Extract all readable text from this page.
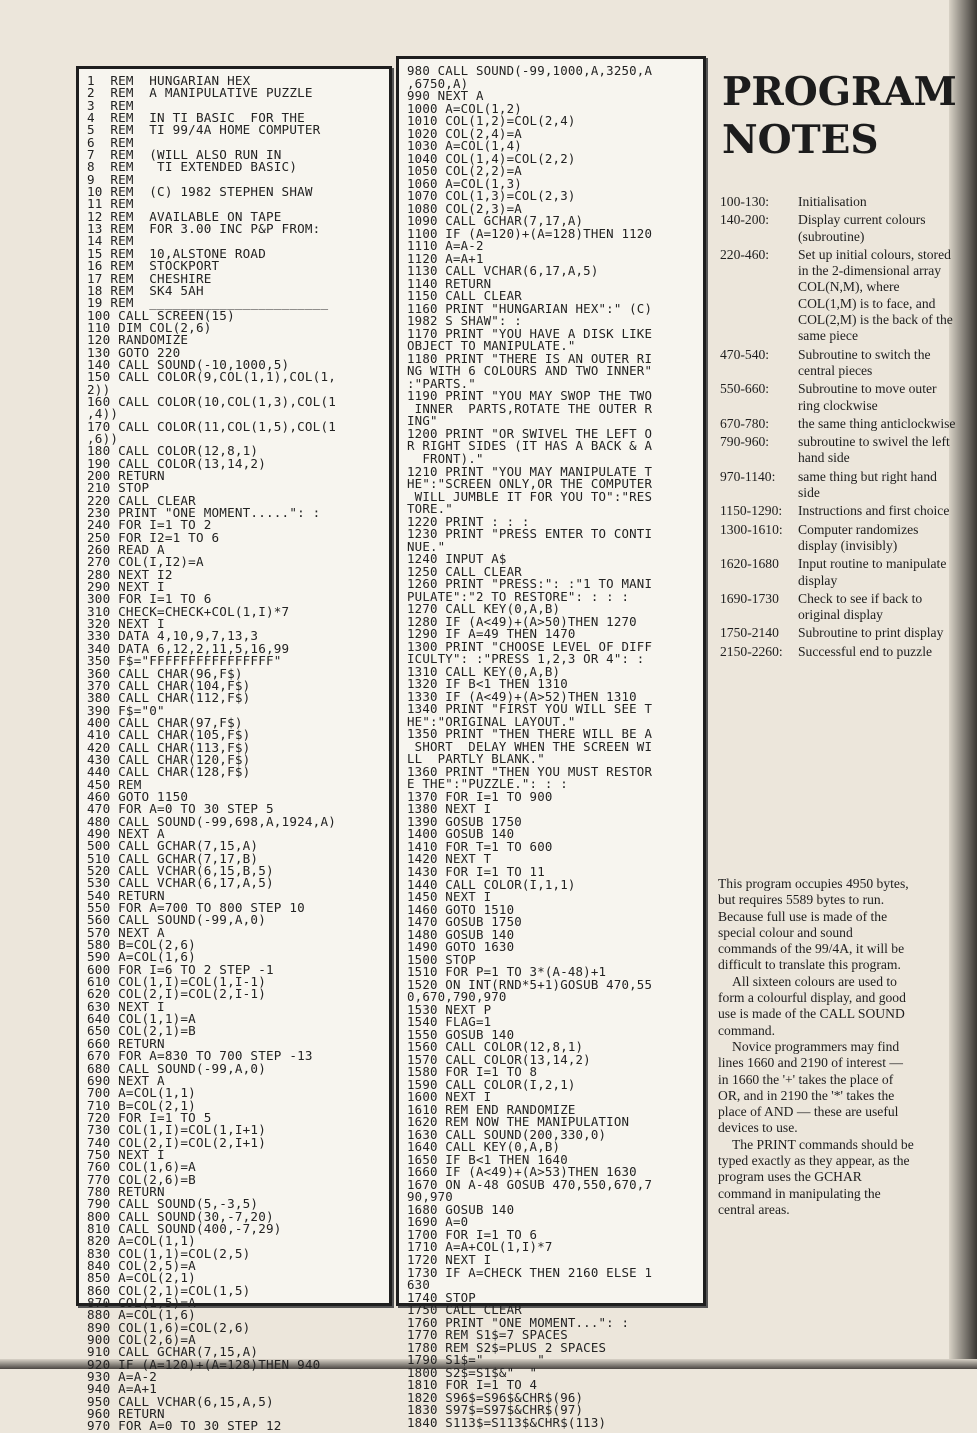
1  REM  HUNGARIAN HEX
2  REM  A MANIPULATIVE PUZZLE
3  REM
4  REM  IN TI BASIC  FOR THE
5  REM  TI 99/4A HOME COMPUTER
6  REM
7  REM  (WILL ALSO RUN IN
8  REM   TI EXTENDED BASIC)
9  REM
10 REM  (C) 1982 STEPHEN SHAW
11 REM
12 REM  AVAILABLE ON TAPE
13 REM  FOR 3.00 INC P&P FROM:
14 REM
15 REM  10,ALSTONE ROAD
16 REM  STOCKPORT
17 REM  CHESHIRE
18 REM  SK4 5AH
19 REM  _______________________
100 CALL SCREEN(15)
110 DIM COL(2,6)
120 RANDOMIZE
130 GOTO 220
140 CALL SOUND(-10,1000,5)
150 CALL COLOR(9,COL(1,1),COL(1,
2))
160 CALL COLOR(10,COL(1,3),COL(1
,4))
170 CALL COLOR(11,COL(1,5),COL(1
,6))
180 CALL COLOR(12,8,1)
190 CALL COLOR(13,14,2)
200 RETURN
210 STOP
220 CALL CLEAR
230 PRINT "ONE MOMENT.....": :
240 FOR I=1 TO 2
250 FOR I2=1 TO 6
260 READ A
270 COL(I,I2)=A
280 NEXT I2
290 NEXT I
300 FOR I=1 TO 6
310 CHECK=CHECK+COL(1,I)*7
320 NEXT I
330 DATA 4,10,9,7,13,3
340 DATA 6,12,2,11,5,16,99
350 F$="FFFFFFFFFFFFFFFF"
360 CALL CHAR(96,F$)
370 CALL CHAR(104,F$)
380 CALL CHAR(112,F$)
390 F$="0"
400 CALL CHAR(97,F$)
410 CALL CHAR(105,F$)
420 CALL CHAR(113,F$)
430 CALL CHAR(120,F$)
440 CALL CHAR(128,F$)
450 REM
460 GOTO 1150
470 FOR A=0 TO 30 STEP 5
480 CALL SOUND(-99,698,A,1924,A)
490 NEXT A
500 CALL GCHAR(7,15,A)
510 CALL GCHAR(7,17,B)
520 CALL VCHAR(6,15,B,5)
530 CALL VCHAR(6,17,A,5)
540 RETURN
550 FOR A=700 TO 800 STEP 10
560 CALL SOUND(-99,A,0)
570 NEXT A
580 B=COL(2,6)
590 A=COL(1,6)
600 FOR I=6 TO 2 STEP -1
610 COL(1,I)=COL(1,I-1)
620 COL(2,I)=COL(2,I-1)
630 NEXT I
640 COL(1,1)=A
650 COL(2,1)=B
660 RETURN
670 FOR A=830 TO 700 STEP -13
680 CALL SOUND(-99,A,0)
690 NEXT A
700 A=COL(1,1)
710 B=COL(2,1)
720 FOR I=1 TO 5
730 COL(1,I)=COL(1,I+1)
740 COL(2,I)=COL(2,I+1)
750 NEXT I
760 COL(1,6)=A
770 COL(2,6)=B
780 RETURN
790 CALL SOUND(5,-3,5)
800 CALL SOUND(30,-7,20)
810 CALL SOUND(400,-7,29)
820 A=COL(1,1)
830 COL(1,1)=COL(2,5)
840 COL(2,5)=A
850 A=COL(2,1)
860 COL(2,1)=COL(1,5)
870 COL(1,5)=A
880 A=COL(1,6)
890 COL(1,6)=COL(2,6)
900 COL(2,6)=A
910 CALL GCHAR(7,15,A)
920 IF (A=120)+(A=128)THEN 940
930 A=A-2
940 A=A+1
950 CALL VCHAR(6,15,A,5)
960 RETURN
970 FOR A=0 TO 30 STEP 12
980 CALL SOUND(-99,1000,A,3250,A
,6750,A)
990 NEXT A
1000 A=COL(1,2)
1010 COL(1,2)=COL(2,4)
1020 COL(2,4)=A
1030 A=COL(1,4)
1040 COL(1,4)=COL(2,2)
1050 COL(2,2)=A
1060 A=COL(1,3)
1070 COL(1,3)=COL(2,3)
1080 COL(2,3)=A
1090 CALL GCHAR(7,17,A)
1100 IF (A=120)+(A=128)THEN 1120
1110 A=A-2
1120 A=A+1
1130 CALL VCHAR(6,17,A,5)
1140 RETURN
1150 CALL CLEAR
1160 PRINT "HUNGARIAN HEX":" (C)
1982 S SHAW": :
1170 PRINT "YOU HAVE A DISK LIKE
OBJECT TO MANIPULATE."
1180 PRINT "THERE IS AN OUTER RI
NG WITH 6 COLOURS AND TWO INNER"
:"PARTS."
1190 PRINT "YOU MAY SWOP THE TWO
INNER  PARTS,ROTATE THE OUTER R
ING"
1200 PRINT "OR SWIVEL THE LEFT O
R RIGHT SIDES (IT HAS A BACK & A
FRONT)."
1210 PRINT "YOU MAY MANIPULATE T
HE":"SCREEN ONLY,OR THE COMPUTER
WILL JUMBLE IT FOR YOU TO":"RES
TORE."
1220 PRINT : : :
1230 PRINT "PRESS ENTER TO CONTI
NUE."
1240 INPUT A$
1250 CALL CLEAR
1260 PRINT "PRESS:": :"1 TO MANI
PULATE":"2 TO RESTORE": : : :
1270 CALL KEY(0,A,B)
1280 IF (A<49)+(A>50)THEN 1270
1290 IF A=49 THEN 1470
1300 PRINT "CHOOSE LEVEL OF DIFF
ICULTY": :"PRESS 1,2,3 OR 4": :
1310 CALL KEY(0,A,B)
1320 IF B<1 THEN 1310
1330 IF (A<49)+(A>52)THEN 1310
1340 PRINT "FIRST YOU WILL SEE T
HE":"ORIGINAL LAYOUT."
1350 PRINT "THEN THERE WILL BE A
SHORT  DELAY WHEN THE SCREEN WI
LL  PARTLY BLANK."
1360 PRINT "THEN YOU MUST RESTOR
E THE":"PUZZLE.": : :
1370 FOR I=1 TO 900
1380 NEXT I
1390 GOSUB 1750
1400 GOSUB 140
1410 FOR T=1 TO 600
1420 NEXT T
1430 FOR I=1 TO 11
1440 CALL COLOR(I,1,1)
1450 NEXT I
1460 GOTO 1510
1470 GOSUB 1750
1480 GOSUB 140
1490 GOTO 1630
1500 STOP
1510 FOR P=1 TO 3*(A-48)+1
1520 ON INT(RND*5+1)GOSUB 470,55
0,670,790,970
1530 NEXT P
1540 FLAG=1
1550 GOSUB 140
1560 CALL COLOR(12,8,1)
1570 CALL COLOR(13,14,2)
1580 FOR I=1 TO 8
1590 CALL COLOR(I,2,1)
1600 NEXT I
1610 REM END RANDOMIZE
1620 REM NOW THE MANIPULATION
1630 CALL SOUND(200,330,0)
1640 CALL KEY(0,A,B)
1650 IF B<1 THEN 1640
1660 IF (A<49)+(A>53)THEN 1630
1670 ON A-48 GOSUB 470,550,670,7
90,970
1680 GOSUB 140
1690 A=0
1700 FOR I=1 TO 6
1710 A=A+COL(1,I)*7
1720 NEXT I
1730 IF A=CHECK THEN 2160 ELSE 1
630
1740 STOP
1750 CALL CLEAR
1760 PRINT "ONE MOMENT...": :
1770 REM S1$=7 SPACES
1780 REM S2$=PLUS 2 SPACES
1790 S1$="       "
1800 S2$=S1$&"  "
1810 FOR I=1 TO 4
1820 S96$=S96$&CHR$(96)
1830 S97$=S97$&CHR$(97)
1840 S113$=S113$&CHR$(113)
PROGRAM
NOTES
100-130:	Initialisation
140-200:	Display current colours (subroutine)
220-460:	Set up initial colours, stored in the 2-dimensional array COL(N,M), where COL(1,M) is to face, and COL(2,M) is the back of the same piece
470-540:	Subroutine to switch the central pieces
550-660:	Subroutine to move outer ring clockwise
670-780:	the same thing anticlockwise
790-960:	subroutine to swivel the left hand side
970-1140:	same thing but right hand side
1150-1290:	Instructions and first choice
1300-1610:	Computer randomizes display (invisibly)
1620-1680	Input routine to manipulate display
1690-1730	Check to see if back to original display
1750-2140	Subroutine to print display
2150-2260:	Successful end to puzzle

This program occupies 4950 bytes, but requires 5589 bytes to run. Because full use is made of the special colour and sound commands of the 99/4A, it will be difficult to translate this program.

All sixteen colours are used to form a colourful display, and good use is made of the CALL SOUND command.

Novice programmers may find lines 1660 and 2190 of interest — in 1660 the '+' takes the place of OR, and in 2190 the '*' takes the place of AND — these are useful devices to use.

The PRINT commands should be typed exactly as they appear, as the program uses the GCHAR command in manipulating the central areas.
